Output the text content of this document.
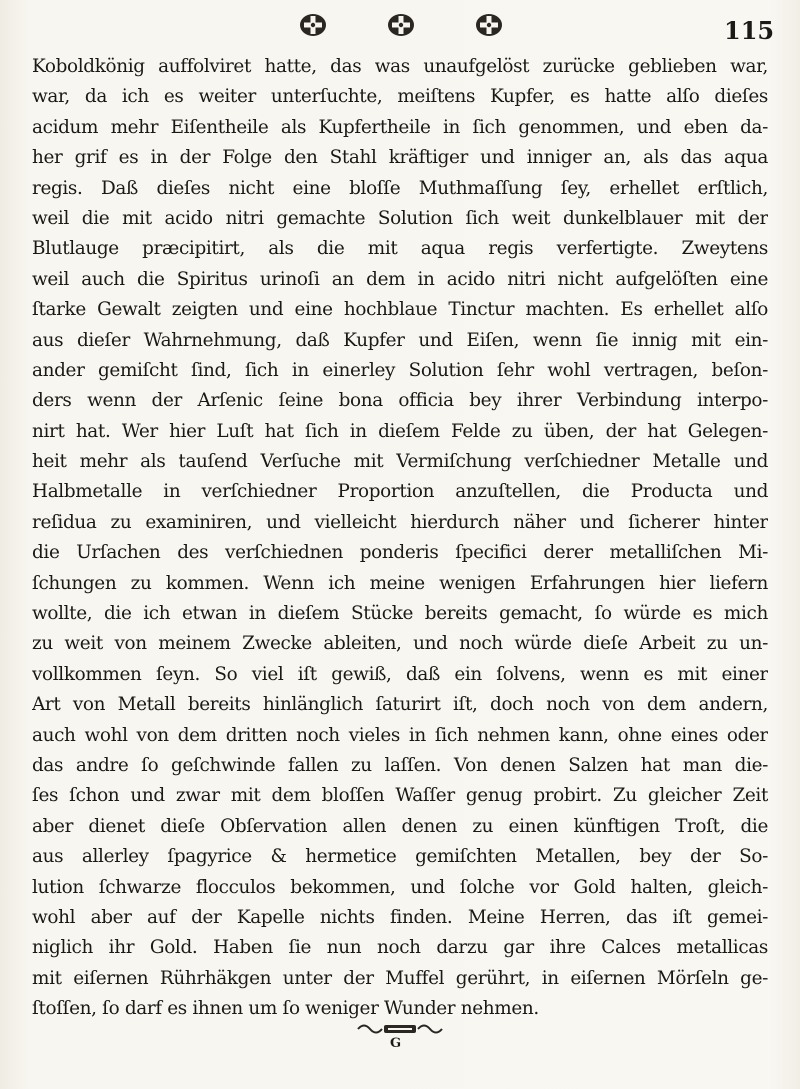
115
Koboldkönig auffolviret hatte, das was unaufgelöst zurücke geblieben war,
war, da ich es weiter unterſuchte, meiſtens Kupfer, es hatte alſo dieſes
acidum mehr Eiſentheile als Kupfertheile in ſich genommen, und eben da-
her grif es in der Folge den Stahl kräftiger und inniger an, als das aqua
regis. Daß dieſes nicht eine bloſſe Muthmaſſung ſey, erhellet erſtlich,
weil die mit acido nitri gemachte Solution ſich weit dunkelblauer mit der
Blutlauge præcipitirt, als die mit aqua regis verfertigte. Zweytens
weil auch die Spiritus urinoſi an dem in acido nitri nicht aufgelöſten eine
ſtarke Gewalt zeigten und eine hochblaue Tinctur machten. Es erhellet alſo
aus dieſer Wahrnehmung, daß Kupfer und Eiſen, wenn ſie innig mit ein-
ander gemiſcht ſind, ſich in einerley Solution ſehr wohl vertragen, beſon-
ders wenn der Arſenic ſeine bona officia bey ihrer Verbindung interpo-
nirt hat. Wer hier Luſt hat ſich in dieſem Felde zu üben, der hat Gelegen-
heit mehr als tauſend Verſuche mit Vermiſchung verſchiedner Metalle und
Halbmetalle in verſchiedner Proportion anzuſtellen, die Producta und
reſidua zu examiniren, und vielleicht hierdurch näher und ſicherer hinter
die Urſachen des verſchiednen ponderis ſpecifici derer metalliſchen Mi-
ſchungen zu kommen. Wenn ich meine wenigen Erfahrungen hier liefern
wollte, die ich etwan in dieſem Stücke bereits gemacht, ſo würde es mich
zu weit von meinem Zwecke ableiten, und noch würde dieſe Arbeit zu un-
vollkommen ſeyn. So viel iſt gewiß, daß ein ſolvens, wenn es mit einer
Art von Metall bereits hinlänglich ſaturirt iſt, doch noch von dem andern,
auch wohl von dem dritten noch vieles in ſich nehmen kann, ohne eines oder
das andre ſo geſchwinde fallen zu laſſen. Von denen Salzen hat man die-
ſes ſchon und zwar mit dem bloſſen Waſſer genug probirt. Zu gleicher Zeit
aber dienet dieſe Obſervation allen denen zu einen künftigen Troſt, die
aus allerley ſpagyrice & hermetice gemiſchten Metallen, bey der So-
lution ſchwarze flocculos bekommen, und ſolche vor Gold halten, gleich-
wohl aber auf der Kapelle nichts finden. Meine Herren, das iſt gemei-
niglich ihr Gold. Haben ſie nun noch darzu gar ihre Calces metallicas
mit eiſernen Rührhäkgen unter der Muffel gerührt, in eiſernen Mörſeln ge-
ſtoſſen, ſo darf es ihnen um ſo weniger Wunder nehmen.
G
